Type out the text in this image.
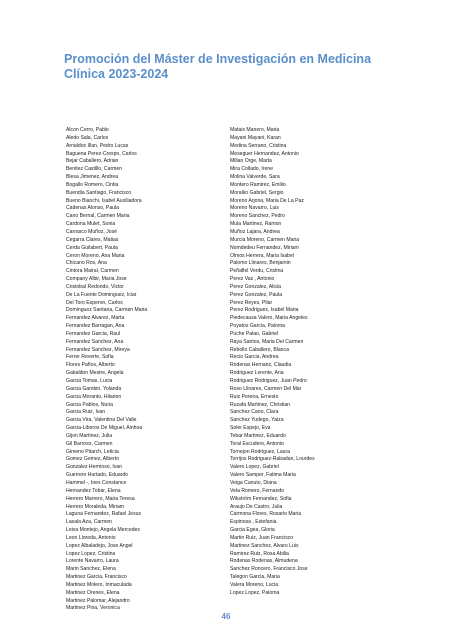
Promoción del Máster de Investigación en Medicina
Clínica 2023-2024
Alcon Cerro, Pablo
Aledo Sala, Carlos
Arnaldos Illan, Pedro Lucas
Baguena Perez-Crespo, Carlos
Bejar Caballero, Adrian
Benitez Castillo, Carmen
Blesa Jimenez, Andrea
Bogallo Romero, Cintia
Buendia Santiago, Francisco
Bueno Bianchi, Isabel Auxiliadora
Cadenas Alonso, Paula
Cano Bernal, Carmen Maria
Cardona Mulet, Sonia
Carrasco Muñoz, José
Cegarra Clares, Matias
Cerda Guilabert, Paula
Ceron Moreno, Ana Maria
Chicano Ros, Ana
Cintora Mairal, Carmen
Company Albir, Maria Jose
Cristobal Redondo, Victor
De La Fuente Dominguez, Iciar
Del Toro Esperon, Carlos
Dominguez Santana, Carmen Maria
Fernandez Alvarez, Marta
Fernandez Barragan, Ana
Fernandez Garcia, Raul
Fernandez Sanchez, Ana
Fernandez Sanchez, Mireya
Ferrer Reverte, Sofia
Flores Paños, Alberto
Gabaldon Mestre, Angela
Garcia Tomas, Lucia
Garcia Gambin, Yolanda
Garcia Moranto, Hilarion
Garcia Pablos, Nuria
Garcia Ruiz, Ivan
Garcia Vira, Valentina Del Valle
Garcia-Liberos De Miguel, Ainhoa
Gijon Martinez, Julia
Gil Barroso, Carmen
Gimeno Pitarch, Leticia
Gomez Gomez, Alberto
Gonzalez Hermoso, Ivan
Guerrero Hurtado, Eduardo
Hammel -, Ines Constance
Hernandez Tobar, Elena
Herrero Marrero, Maria Teresa
Herrero Moraleda, Miriam
Laguna Fernandez, Rafael Jesus
Lasala Aza, Carmen
Leiva Montejo, Angela Mercedes
Leon Lloreda, Antonio
Lopez Albaladejo, Jose Angel
Lopez Lopez, Cristina
Lorente Navarro, Laura
Marin Sanchez, Elena
Martinez Garcia, Francisco
Martinez Molero, Inmaculada
Martinez Orenes, Elena
Martinez Palomar, Alejandro
Martinez Pina, Veronica
Mataix Manero, Maria
Mayani Mayani, Karan
Medina Serrano, Cristina
Meseguer Hernandez, Antonio
Millan Orge, Marta
Mira Collado, Irene
Molina Valverde, Sara
Montero Ramirez, Emilio
Moralko Gabriel, Sergio
Moreno Arjona, Maria De La Paz
Moreno Navarro, Luis
Moreno Sanchez, Pedro
Mula Martinez, Ramon
Muñoz Lajara, Andrea
Murcia Moreno, Carmen Maria
Nomdedeu Fernandez, Miriam
Olmos Herrera, Maria Isabel
Palomo Llinares, Benjamin
Peñaflel Verdu, Cristina
Perez Vaz , Antonio
Perez Gonzalez, Alicia
Perez Gonzalez, Paula
Perez Reyes, Pilar
Perez Rodriguez, Isabel Maria
Piedecausa Valero, Maria Angeles
Poyatos Garcia, Paloma
Puche Palao, Gabriel
Raya Santos, Maria Del Carmen
Rebollo Caballero, Blanca
Recio Garcia, Andrea
Rodenas Hernanz, Claudia
Rodriguez Lorente, Ana
Rodriguez Rodriguez, Juan Pedro
Roso Llinares, Carmen Del Mar
Ruiz Pereira, Ernesto
Ruzafa Martinez, Christian
Sanchez Cano, Clara
Sanchez Yudego, Yaiza
Soler Espejo, Eva
Tebar Martinez, Eduardo
Toral Escudero, Antonio
Tornejon Rodriguez, Laura
Torrijos Rodriguez-Rabadan, Lourdes
Valero Lopez, Gabriel
Valero Samper, Fatima Maria
Veiga Canuto, Diana
Vela Romero, Fernando
Wikström Fernandez, Sofia
Araujo De Castro, Julia
Carmona Flores, Rosario Maria
Espinosa , Estefania
Garcia Egea, Gloria
Martin Ruiz, Juan Francisco
Martinez Sanchez, Alvaro Luis
Ramirez Ruiz, Rosa Abilia
Rodenas Rodenas, Almudena
Sanchez Roncero, Francisco Jose
Talegon Garcia, Maria
Valera Moreno, Lucia
Lopez Lopez, Paloma
46
